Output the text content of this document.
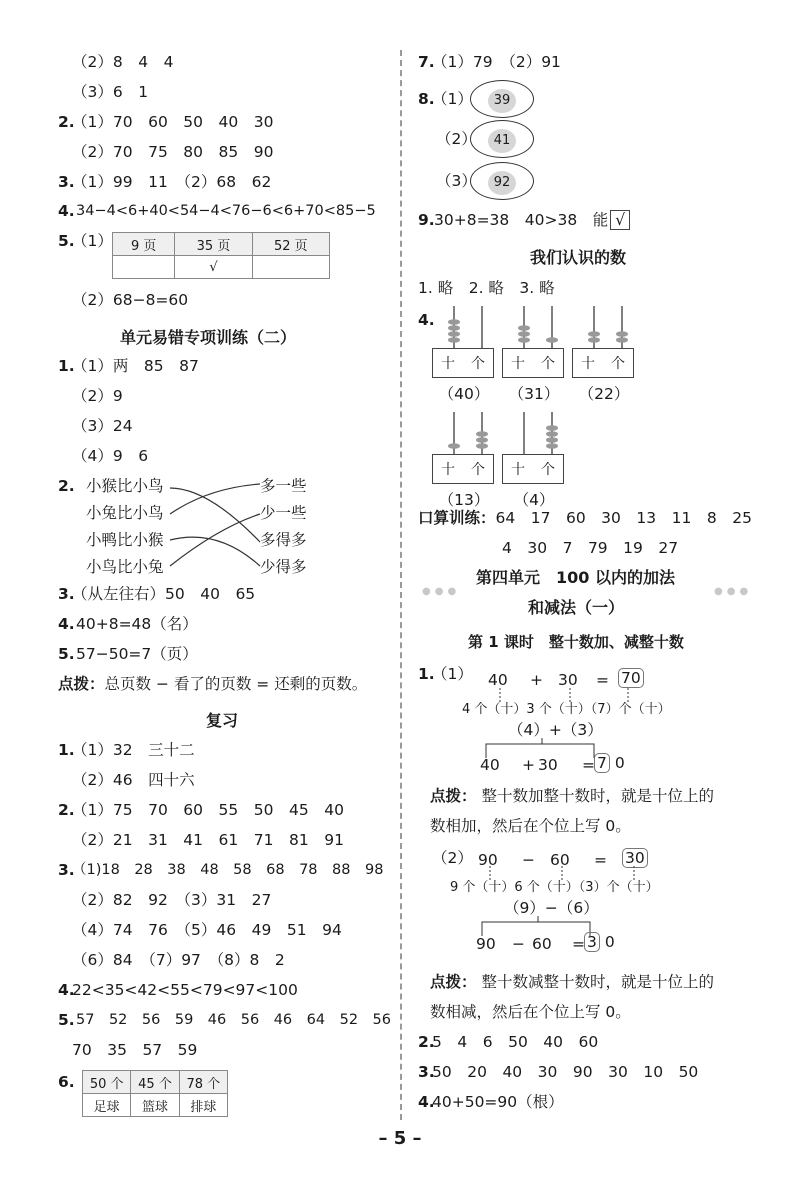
（2）8　4　4
（3）6　1
2.
（1）70　60　50　40　30
（2）70　75　80　85　90
3.
（1）99　11　（2）68　62
4. 34−4<6+40<54−4<76−6<6+70<85−5
5.
（1） 9 页	35 页	52 页
	√	
（2）68−8=60
单元易错专项训练（二）
1.
（1）两　85　87
（2）9
（3）24
（4）9　6
2. 小猴比小鸟
小兔比小鸟
小鸭比小猴
小鸟比小兔
多一些
少一些
多得多
少得多
3.
（从左往右）50　40　65
4. 40+8=48（名）
5. 57−50=7（页）
点拨：总页数 − 看了的页数 = 还剩的页数。
复习
1.
（1）32　三十二
（2）46　四十六
2.
（1）75　70　60　55　50　45　40
（2）21　31　41　61　71　81　91
3.
（1)18　28　38　48　58　68　78　88　98
（2）82　92　（3）31　27
（4）74　76　（5）46　49　51　94
（6）84　（7）97　（8）8　2
4.
22<35<42<55<79<97<100
5. 57　52　56　59　46　56　46　64　52　56
70　35　57　59
6. 50 个	45 个	78 个
足球	篮球	排球
7.
（1）79　（2）91
8.
（1）
（2）
（3）
39
41
92
9. 30+8=38　40>38　能 √
我们认识的数
1. 略　2. 略　3. 略
4.
十 个
（40）
十 个
（31）
十 个
（22）
十 个
（13）
十 个
（4）
口算训练：64　17　60　30　13　11　8　25
4　30　7　79　19　27
●●●	●●●
第四单元　100 以内的加法
和减法（一）
第 1 课时　整十数加、减整十数
1.
（1） 40 + 30 = 70
4 个（十）3 个（十）（7）个（十）
（4）+（3）
40 + 30 = 7 0
点拨： 整十数加整十数时，就是十位上的
数相加，然后在个位上写 0。
（2） 90 − 60 = 30
9 个（十）6 个（十）（3）个（十）
（9）−（6）
90 − 60 = 3 0
点拨： 整十数减整十数时，就是十位上的
数相减，然后在个位上写 0。
2.
5　4　6　50　40　60
3.
50　20　40　30　90　30　10　50
4.
40+50=90（根）
– 5 –
